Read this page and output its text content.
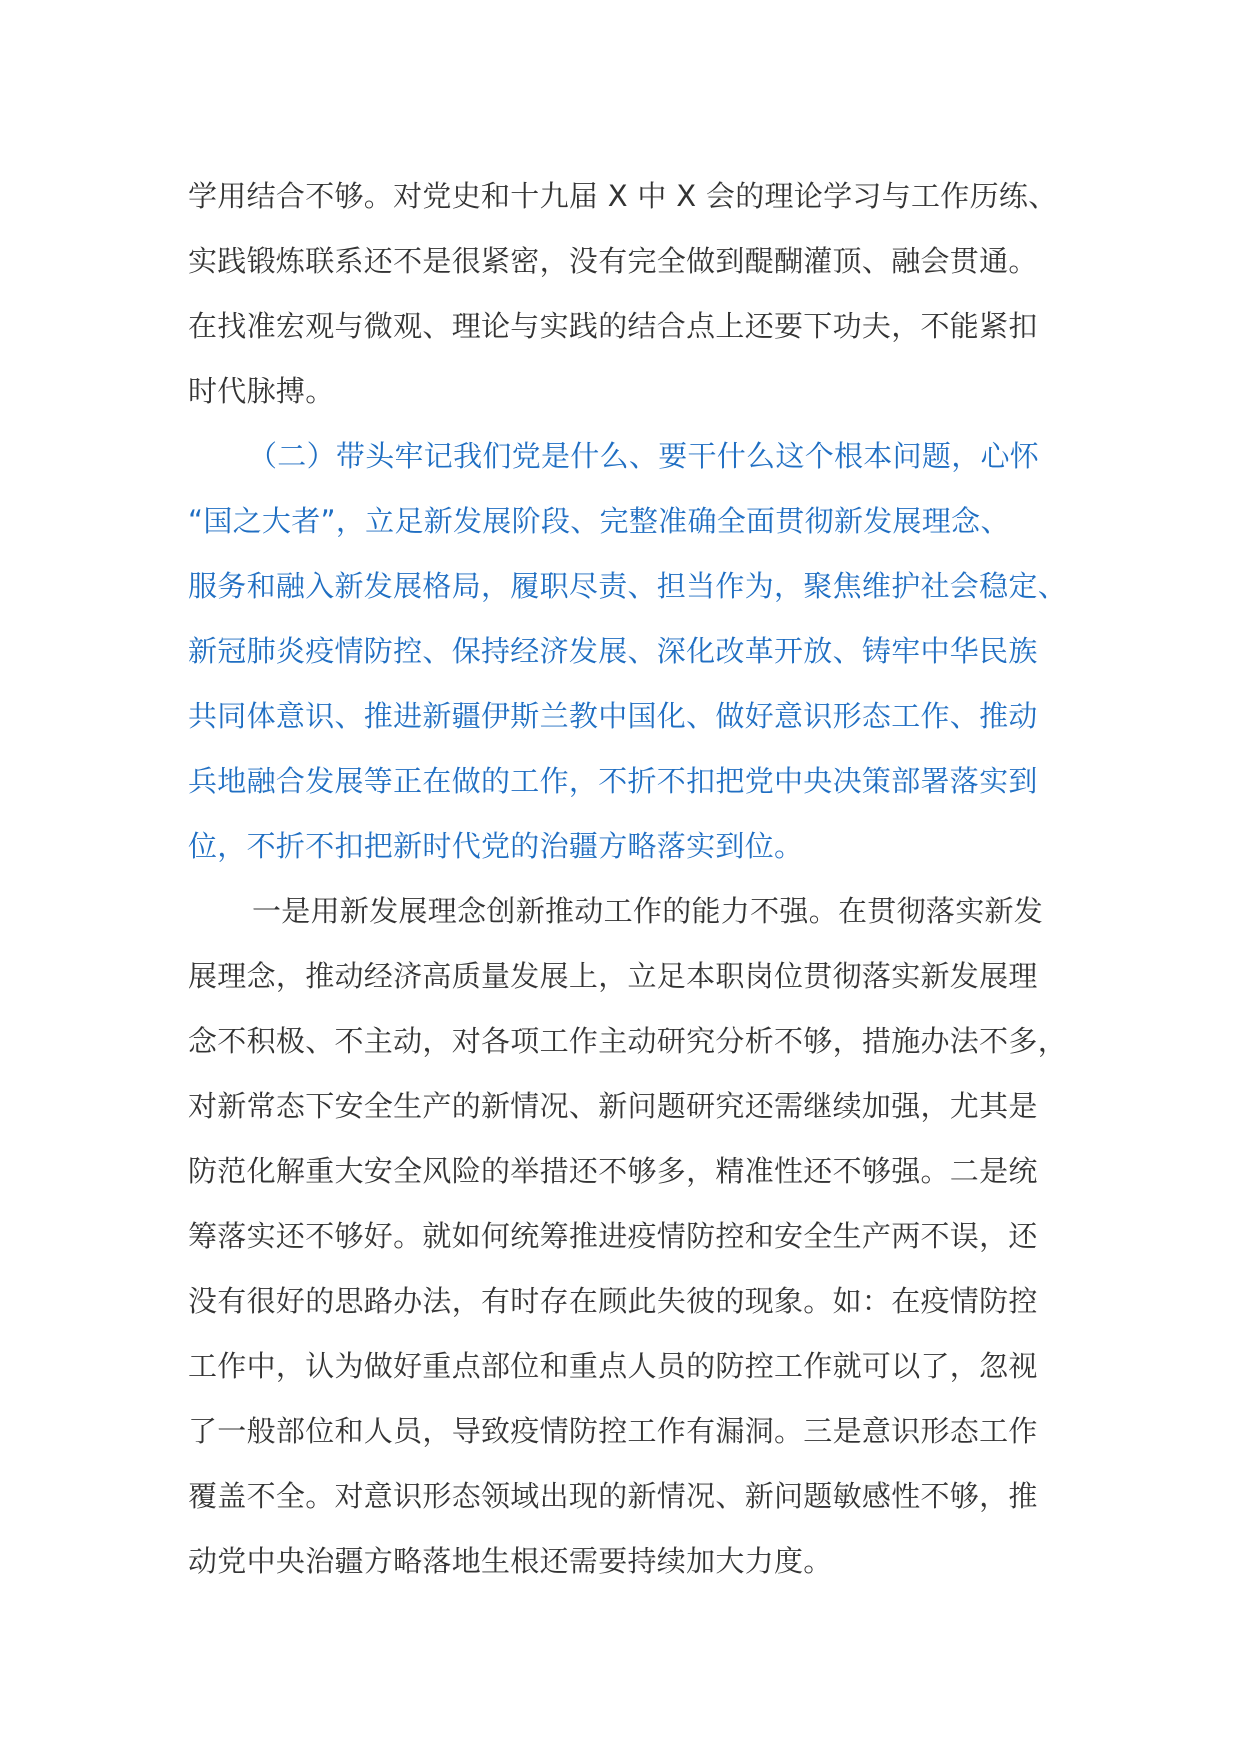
学用结合不够。对党史和十九届 X 中 X 会的理论学习与工作历练、
实践锻炼联系还不是很紧密，没有完全做到醍醐灌顶、融会贯通。
在找准宏观与微观、理论与实践的结合点上还要下功夫，不能紧扣
时代脉搏。

（二）带头牢记我们党是什么、要干什么这个根本问题，心怀
“国之大者”，立足新发展阶段、完整准确全面贯彻新发展理念、
服务和融入新发展格局，履职尽责、担当作为，聚焦维护社会稳定、
新冠肺炎疫情防控、保持经济发展、深化改革开放、铸牢中华民族
共同体意识、推进新疆伊斯兰教中国化、做好意识形态工作、推动
兵地融合发展等正在做的工作，不折不扣把党中央决策部署落实到
位，不折不扣把新时代党的治疆方略落实到位。

一是用新发展理念创新推动工作的能力不强。在贯彻落实新发
展理念，推动经济高质量发展上，立足本职岗位贯彻落实新发展理
念不积极、不主动，对各项工作主动研究分析不够，措施办法不多，
对新常态下安全生产的新情况、新问题研究还需继续加强，尤其是
防范化解重大安全风险的举措还不够多，精准性还不够强。二是统
筹落实还不够好。就如何统筹推进疫情防控和安全生产两不误，还
没有很好的思路办法，有时存在顾此失彼的现象。如：在疫情防控
工作中，认为做好重点部位和重点人员的防控工作就可以了，忽视
了一般部位和人员，导致疫情防控工作有漏洞。三是意识形态工作
覆盖不全。对意识形态领域出现的新情况、新问题敏感性不够，推
动党中央治疆方略落地生根还需要持续加大力度。
